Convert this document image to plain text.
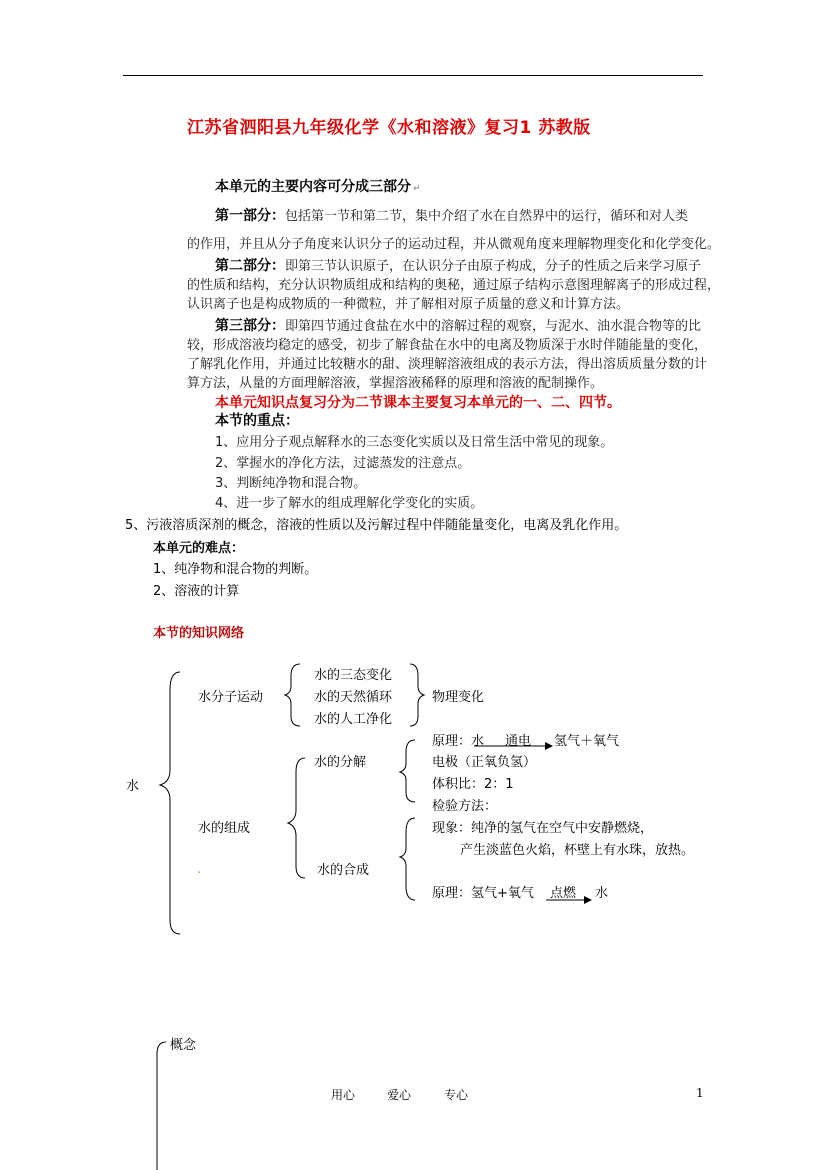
江苏省泗阳县九年级化学《水和溶液》复习1 苏教版
本单元的主要内容可分成三部分 ↵
第一部分：包括第一节和第二节，集中介绍了水在自然界中的运行，循环和对人类
的作用，并且从分子角度来认识分子的运动过程，并从微观角度来理解物理变化和化学变化。
第二部分：即第三节认识原子，在认识分子由原子构成，分子的性质之后来学习原子
的性质和结构，充分认识物质组成和结构的奥秘，通过原子结构示意图理解离子的形成过程，
认识离子也是构成物质的一种微粒，并了解相对原子质量的意义和计算方法。
第三部分：即第四节通过食盐在水中的溶解过程的观察，与泥水、油水混合物等的比
较，形成溶液均稳定的感受，初步了解食盐在水中的电离及物质深于水时伴随能量的变化，
了解乳化作用，并通过比较糖水的甜、淡理解溶液组成的表示方法，得出溶质质量分数的计
算方法，从量的方面理解溶液，掌握溶液稀释的原理和溶液的配制操作。
本单元知识点复习分为二节课本主要复习本单元的一、二、四节。
本节的重点：
1、应用分子观点解释水的三态变化实质以及日常生活中常见的现象。
2、掌握水的净化方法，过滤蒸发的注意点。
3、判断纯净物和混合物。
4、进一步了解水的组成理解化学变化的实质。
5、污液溶质深剂的概念，溶液的性质以及污解过程中伴随能量变化，电离及乳化作用。
本单元的难点：
1、纯净物和混合物的判断。
2、溶液的计算
本节的知识网络
水
水分子运动
水的三态变化
水的天然循环
水的人工净化
物理变化
水的分解
原理：水 通电 氢气＋氧气
电极（正氧负氢）
体积比：2：1
检验方法：
水的组成
.	水的合成
现象：纯净的氢气在空气中安静燃烧，
产生淡蓝色火焰，杯壁上有水珠，放热。
原理：氢气+氧气 点燃 水
概念
用心	爱心	专心	1
